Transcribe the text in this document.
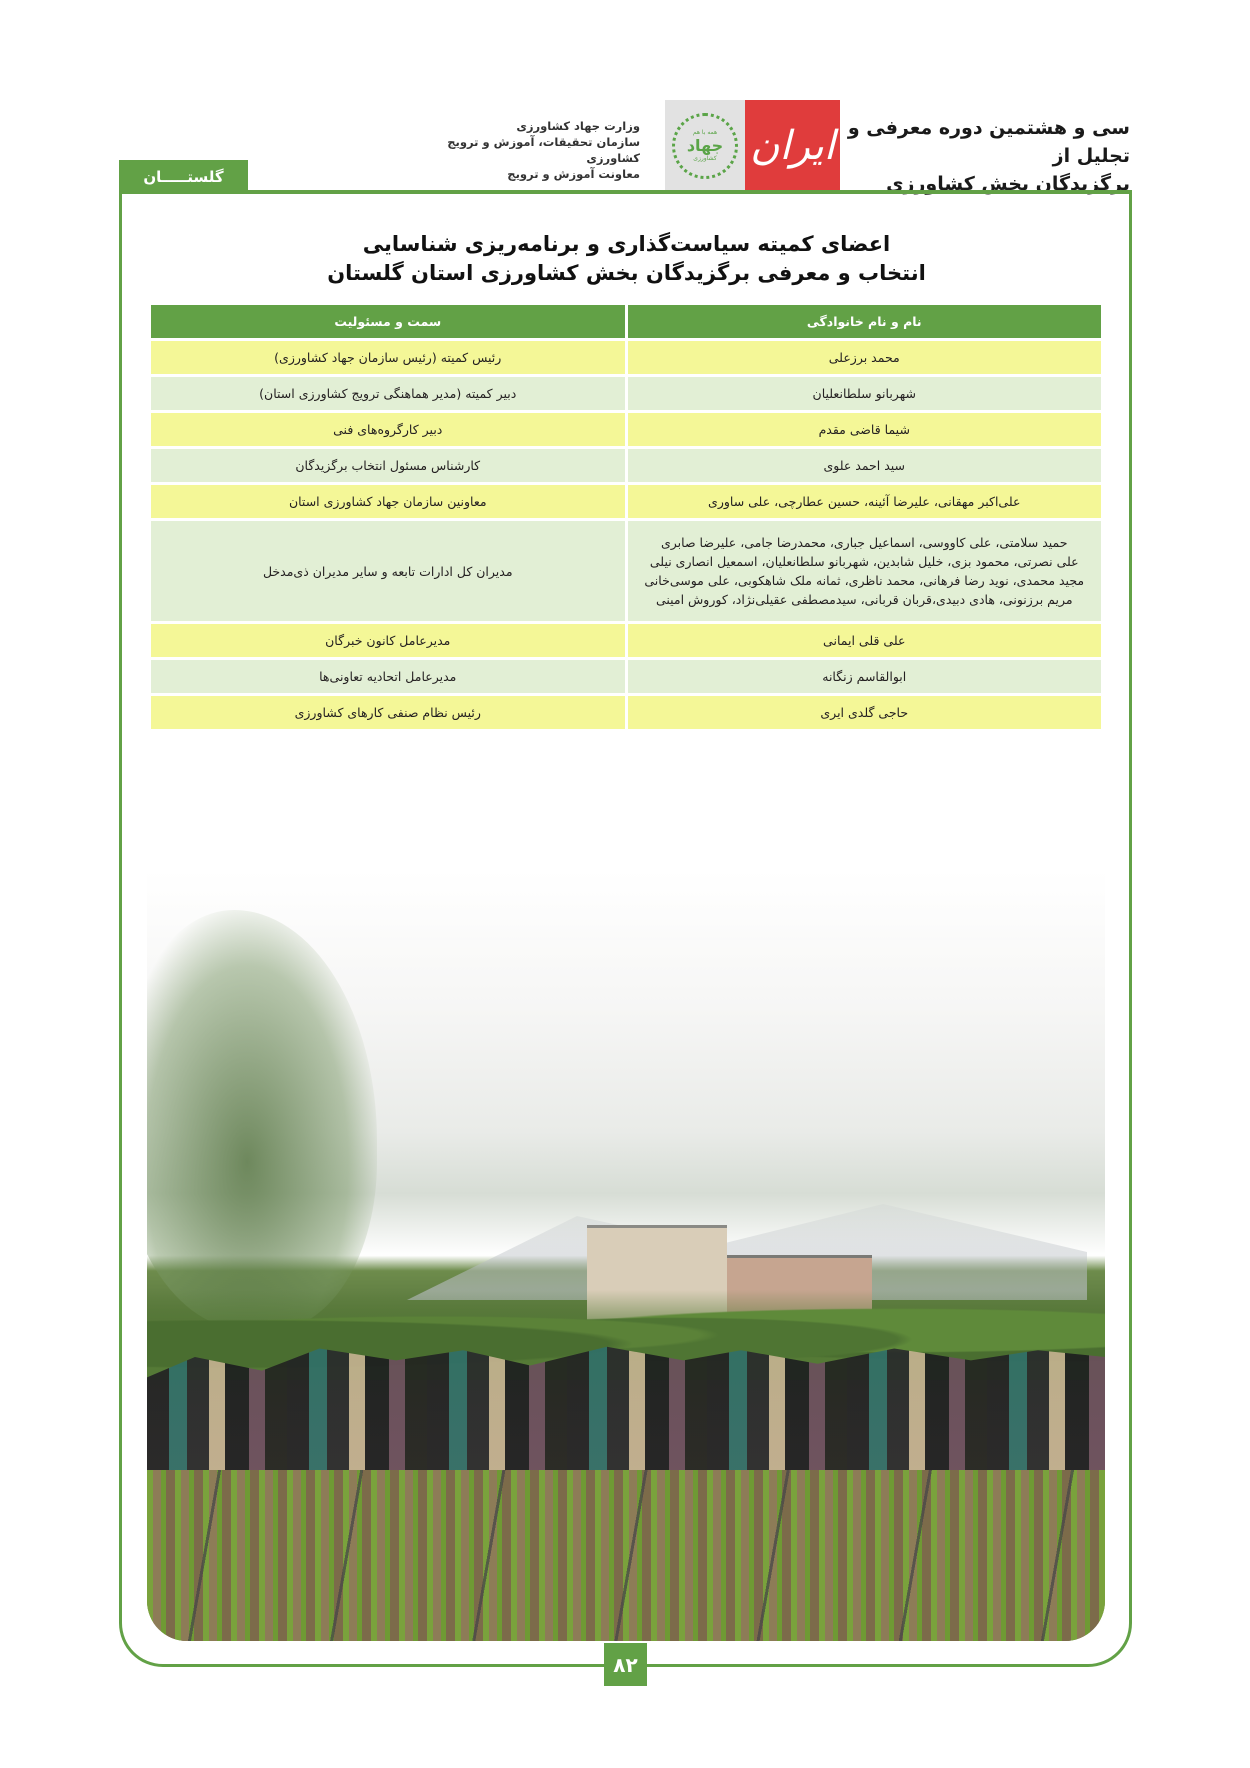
سی و هشتمین دوره معرفی و تجلیل از
برگزیدگان بخش کشاورزی
ایران
همه با هم
جهاد
کشاورزی
وزارت جهاد کشاورزی
سازمان تحقیقات، آموزش و ترویج کشاورزی
معاونت آموزش و ترویج
گلستـــــان
اعضای کمیته سیاست‌گذاری و برنامه‌ریزی شناسایی
انتخاب و معرفی برگزیدگان بخش کشاورزی استان گلستان
نام و نام خانوادگی	سمت و مسئولیت
محمد برزعلی	رئیس کمیته (رئیس سازمان جهاد کشاورزی)
شهربانو سلطانعلیان	دبیر کمیته (مدیر هماهنگی ترویج کشاورزی استان)
شیما قاضی مقدم	دبیر کارگروه‌های فنی
سید احمد علوی	کارشناس مسئول انتخاب برگزیدگان
علی‌اکبر مهقانی، علیرضا آئینه، حسین عطارچی، علی ساوری	معاونین سازمان جهاد کشاورزی استان

حمید سلامتی، علی کاووسی، اسماعیل جباری، محمدرضا جامی، علیرضا صابری
علی نصرتی، محمود بزی، خلیل شابدین، شهربانو سلطانعلیان، اسمعیل انصاری نیلی
مجید محمدی، نوید رضا فرهانی، محمد ناظری، ثمانه ملک شاهکوبی، علی موسی‌خانی
مریم برزنونی، هادی دبیدی،قربان قربانی، سیدمصطفی عقیلی‌نژاد، کوروش امینی	مدیران کل ادارات تابعه و سایر مدیران ذی‌مدخل
علی قلی ایمانی	مدیرعامل کانون خبرگان
ابوالقاسم زنگانه	مدیرعامل اتحادیه تعاونی‌ها
حاجی گلدی ایری	رئیس نظام صنفی کارهای کشاورزی
۸۲
